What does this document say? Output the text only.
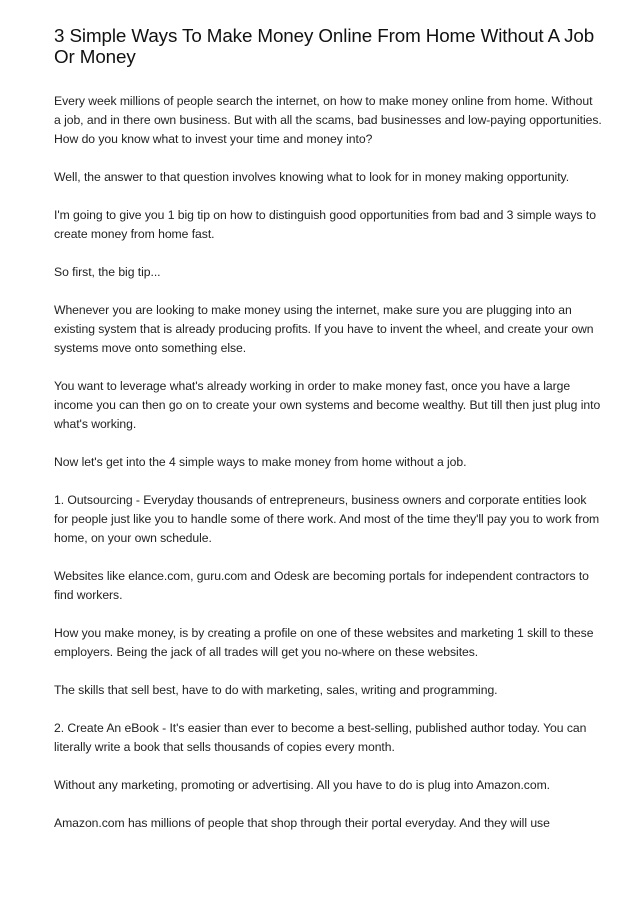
3 Simple Ways To Make Money Online From Home Without A Job Or Money

Every week millions of people search the internet, on how to make money online from home. Without a job, and in there own business. But with all the scams, bad businesses and low-paying opportunities. How do you know what to invest your time and money into?

Well, the answer to that question involves knowing what to look for in money making opportunity.

I'm going to give you 1 big tip on how to distinguish good opportunities from bad and 3 simple ways to create money from home fast.

So first, the big tip...

Whenever you are looking to make money using the internet, make sure you are plugging into an existing system that is already producing profits. If you have to invent the wheel, and create your own systems move onto something else.

You want to leverage what's already working in order to make money fast, once you have a large income you can then go on to create your own systems and become wealthy. But till then just plug into what's working.

Now let's get into the 4 simple ways to make money from home without a job.

1. Outsourcing - Everyday thousands of entrepreneurs, business owners and corporate entities look for people just like you to handle some of there work. And most of the time they'll pay you to work from home, on your own schedule.

Websites like elance.com, guru.com and Odesk are becoming portals for independent contractors to find workers.

How you make money, is by creating a profile on one of these websites and marketing 1 skill to these employers. Being the jack of all trades will get you no-where on these websites.

The skills that sell best, have to do with marketing, sales, writing and programming.

2. Create An eBook - It's easier than ever to become a best-selling, published author today. You can literally write a book that sells thousands of copies every month.

Without any marketing, promoting or advertising. All you have to do is plug into Amazon.com.

Amazon.com has millions of people that shop through their portal everyday. And they will use
